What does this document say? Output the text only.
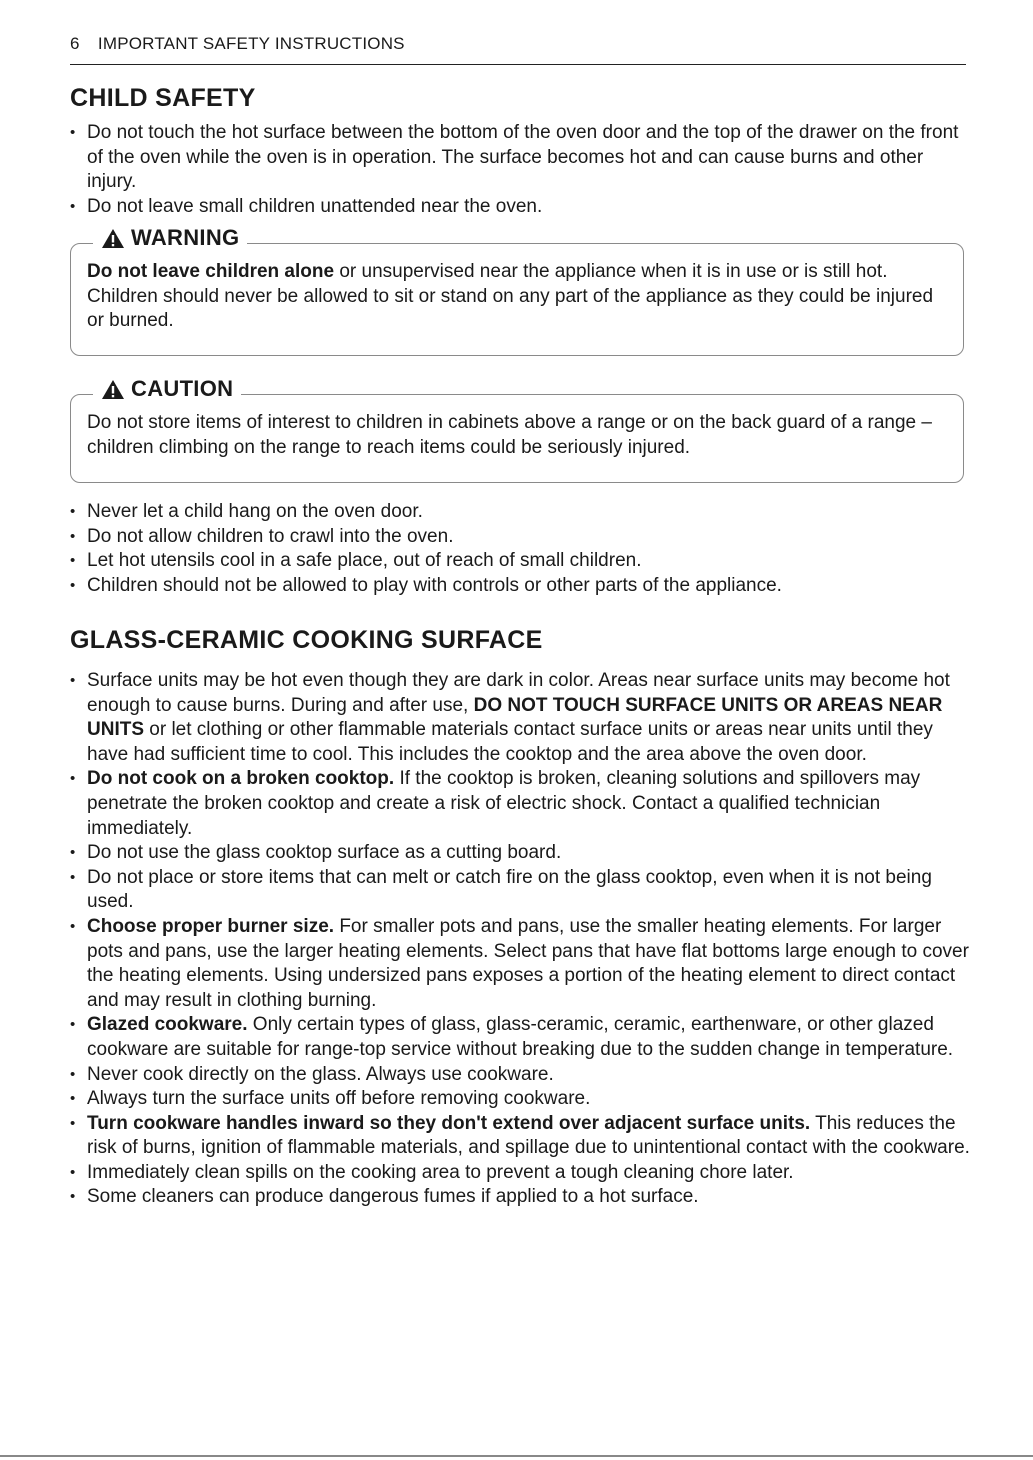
6 IMPORTANT SAFETY INSTRUCTIONS
CHILD SAFETY
• Do not touch the hot surface between the bottom of the oven door and the top of the drawer on the front of the oven while the oven is in operation. The surface becomes hot and can cause burns and other injury.
• Do not leave small children unattended near the oven.
WARNING

Do not leave children alone or unsupervised near the appliance when it is in use or is still hot. Children should never be allowed to sit or stand on any part of the appliance as they could be injured or burned.

CAUTION

Do not store items of interest to children in cabinets above a range or on the back guard of a range – children climbing on the range to reach items could be seriously injured.

• Never let a child hang on the oven door.
• Do not allow children to crawl into the oven.
• Let hot utensils cool in a safe place, out of reach of small children.
• Children should not be allowed to play with controls or other parts of the appliance.
GLASS-CERAMIC COOKING SURFACE
• Surface units may be hot even though they are dark in color. Areas near surface units may become hot enough to cause burns. During and after use, DO NOT TOUCH SURFACE UNITS OR AREAS NEAR UNITS or let clothing or other flammable materials contact surface units or areas near units until they have had sufficient time to cool. This includes the cooktop and the area above the oven door.
• Do not cook on a broken cooktop. If the cooktop is broken, cleaning solutions and spillovers may penetrate the broken cooktop and create a risk of electric shock. Contact a qualified technician immediately.
• Do not use the glass cooktop surface as a cutting board.
• Do not place or store items that can melt or catch fire on the glass cooktop, even when it is not being used.
• Choose proper burner size. For smaller pots and pans, use the smaller heating elements. For larger pots and pans, use the larger heating elements. Select pans that have flat bottoms large enough to cover the heating elements. Using undersized pans exposes a portion of the heating element to direct contact and may result in clothing burning.
• Glazed cookware. Only certain types of glass, glass-ceramic, ceramic, earthenware, or other glazed cookware are suitable for range-top service without breaking due to the sudden change in temperature.
• Never cook directly on the glass. Always use cookware.
• Always turn the surface units off before removing cookware.
• Turn cookware handles inward so they don't extend over adjacent surface units. This reduces the risk of burns, ignition of flammable materials, and spillage due to unintentional contact with the cookware.
• Immediately clean spills on the cooking area to prevent a tough cleaning chore later.
• Some cleaners can produce dangerous fumes if applied to a hot surface.
